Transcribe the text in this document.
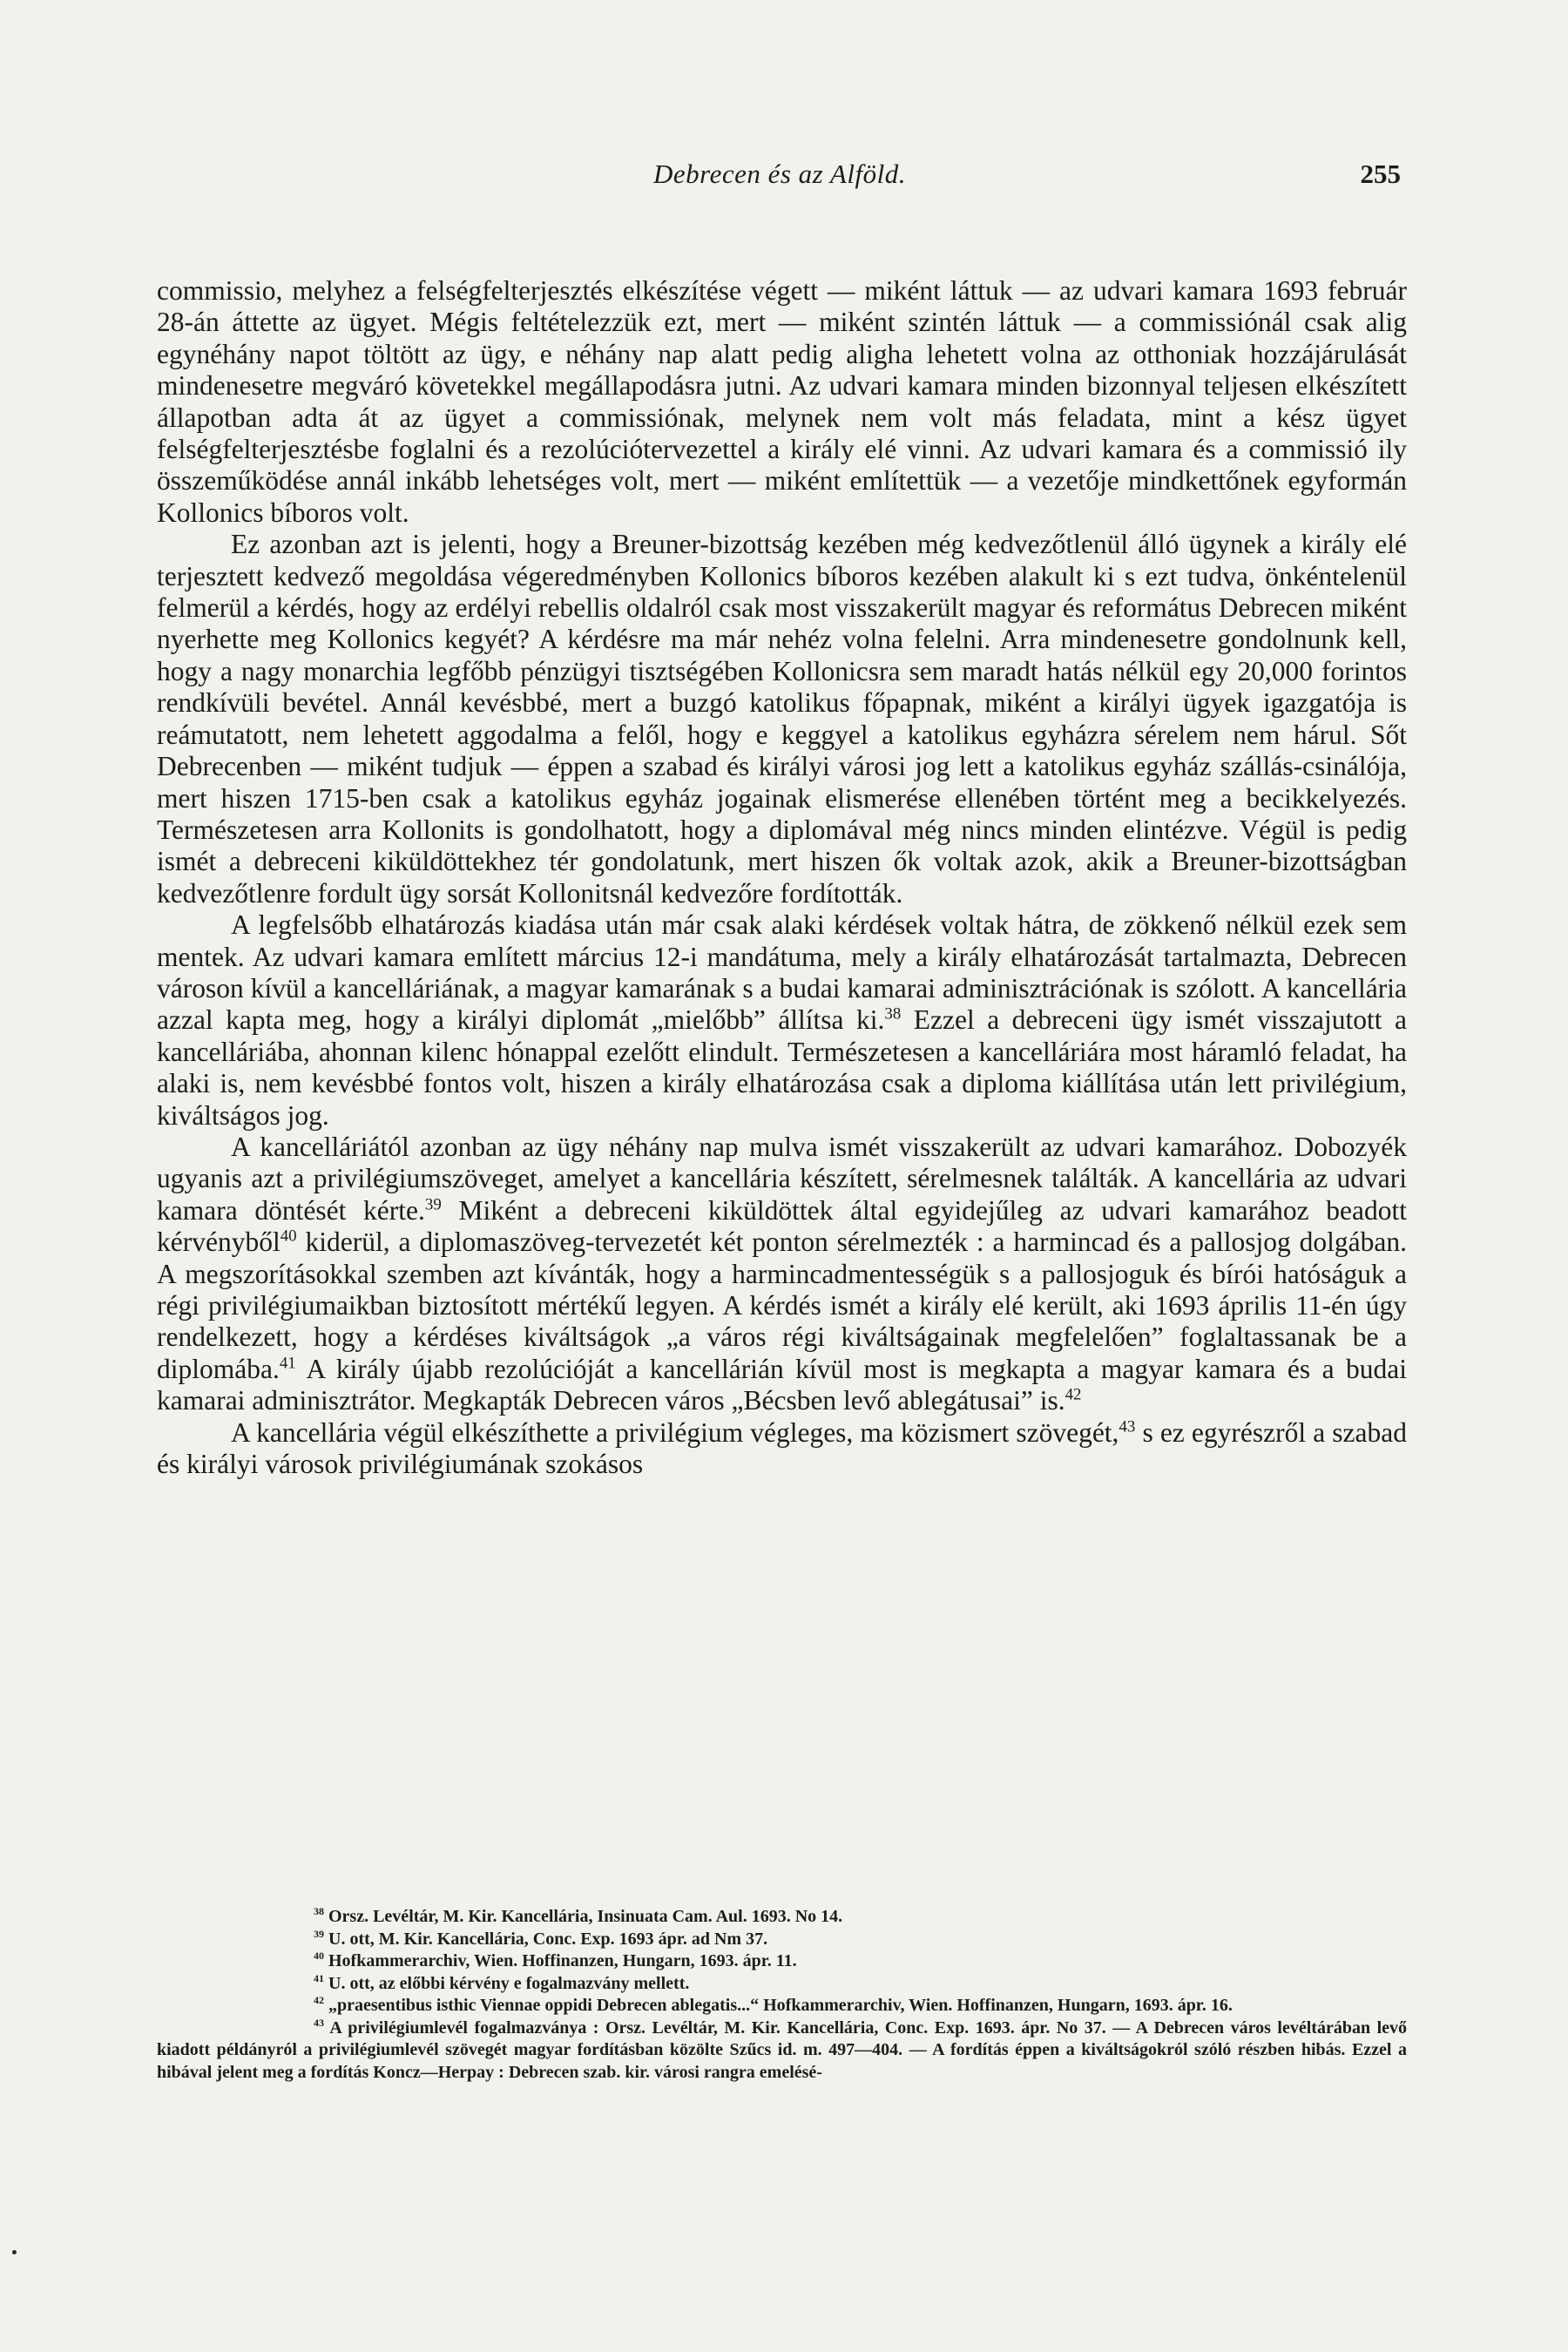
Debrecen és az Alföld.	255

commissio, melyhez a felségfelterjesztés elkészítése végett — miként láttuk — az udvari kamara 1693 február 28-án áttette az ügyet. Mégis feltételezzük ezt, mert — miként szintén láttuk — a commissiónál csak alig egynéhány napot töltött az ügy, e néhány nap alatt pedig aligha lehetett volna az otthoniak hozzájárulását mindenesetre megváró követekkel megállapodásra jutni. Az udvari kamara minden bizonnyal teljesen elkészített állapotban adta át az ügyet a commissiónak, melynek nem volt más feladata, mint a kész ügyet felségfelterjesztésbe foglalni és a rezolúciótervezettel a király elé vinni. Az udvari kamara és a commissió ily összeműködése annál inkább lehetséges volt, mert — miként említettük — a vezetője mindkettőnek egyformán Kollonics bíboros volt.

Ez azonban azt is jelenti, hogy a Breuner-bizottság kezében még kedvezőtlenül álló ügynek a király elé terjesztett kedvező megoldása végeredményben Kollonics bíboros kezében alakult ki s ezt tudva, önkéntelenül felmerül a kérdés, hogy az erdélyi rebellis oldalról csak most visszakerült magyar és református Debrecen miként nyerhette meg Kollonics kegyét? A kérdésre ma már nehéz volna felelni. Arra mindenesetre gondolnunk kell, hogy a nagy monarchia legfőbb pénzügyi tisztségében Kollonicsra sem maradt hatás nélkül egy 20,000 forintos rendkívüli bevétel. Annál kevésbbé, mert a buzgó katolikus főpapnak, miként a királyi ügyek igazgatója is reámutatott, nem lehetett aggodalma a felől, hogy e keggyel a katolikus egyházra sérelem nem hárul. Sőt Debrecenben — miként tudjuk — éppen a szabad és királyi városi jog lett a katolikus egyház szállás-csinálója, mert hiszen 1715-ben csak a katolikus egyház jogainak elismerése ellenében történt meg a becikkelyezés. Természetesen arra Kollonits is gondolhatott, hogy a diplomával még nincs minden elintézve. Végül is pedig ismét a debreceni kiküldöttekhez tér gondolatunk, mert hiszen ők voltak azok, akik a Breuner-bizottságban kedvezőtlenre fordult ügy sorsát Kollonitsnál kedvezőre fordították.

A legfelsőbb elhatározás kiadása után már csak alaki kérdések voltak hátra, de zökkenő nélkül ezek sem mentek. Az udvari kamara említett március 12-i mandátuma, mely a király elhatározását tartalmazta, Debrecen városon kívül a kancelláriának, a magyar kamarának s a budai kamarai adminisztrációnak is szólott. A kancellária azzal kapta meg, hogy a királyi diplomát „mielőbb” állítsa ki.$^{38}$ Ezzel a debreceni ügy ismét visszajutott a kancelláriába, ahonnan kilenc hónappal ezelőtt elindult. Természetesen a kancelláriára most háramló feladat, ha alaki is, nem kevésbbé fontos volt, hiszen a király elhatározása csak a diploma kiállítása után lett privilégium, kiváltságos jog.

A kancelláriától azonban az ügy néhány nap mulva ismét visszakerült az udvari kamarához. Dobozyék ugyanis azt a privilégiumszöveget, amelyet a kancellária készített, sérelmesnek találták. A kancellária az udvari kamara döntését kérte.$^{39}$ Miként a debreceni kiküldöttek által egyidejűleg az udvari kamarához beadott kérvényből$^{40}$ kiderül, a diplomaszöveg-tervezetét két ponton sérelmezték : a harmincad és a pallosjog dolgában. A megszorításokkal szemben azt kívánták, hogy a harmincadmentességük s a pallosjoguk és bírói hatóságuk a régi privilégiumaikban biztosított mértékű legyen. A kérdés ismét a király elé került, aki 1693 április 11-én úgy rendelkezett, hogy a kérdéses kiváltságok „a város régi kiváltságainak megfelelően” foglaltassanak be a diplomába.$^{41}$ A király újabb rezolúcióját a kancellárián kívül most is megkapta a magyar kamara és a budai kamarai adminisztrátor. Megkapták Debrecen város „Bécsben levő ablegátusai” is.$^{42}$

A kancellária végül elkészíthette a privilégium végleges, ma közismert szövegét,$^{43}$ s ez egyrészről a szabad és királyi városok privilégiumának szokásos

$^{38}$ Orsz. Levéltár, M. Kir. Kancellária, Insinuata Cam. Aul. 1693. No 14.

$^{39}$ U. ott, M. Kir. Kancellária, Conc. Exp. 1693 ápr. ad Nm 37.

$^{40}$ Hofkammerarchiv, Wien. Hoffinanzen, Hungarn, 1693. ápr. 11.

$^{41}$ U. ott, az előbbi kérvény e fogalmazvány mellett.

$^{42}$ „praesentibus isthic Viennae oppidi Debrecen ablegatis...“ Hofkammerarchiv, Wien. Hoffinanzen, Hungarn, 1693. ápr. 16.

$^{43}$ A privilégiumlevél fogalmazványa : Orsz. Levéltár, M. Kir. Kancellária, Conc. Exp. 1693. ápr. No 37. — A Debrecen város levéltárában levő kiadott példányról a privilégiumlevél szövegét magyar fordításban közölte Szűcs id. m. 497—404. — A fordítás éppen a kiváltságokról szóló részben hibás. Ezzel a hibával jelent meg a fordítás Koncz—Herpay : Debrecen szab. kir. városi rangra emelésé-
